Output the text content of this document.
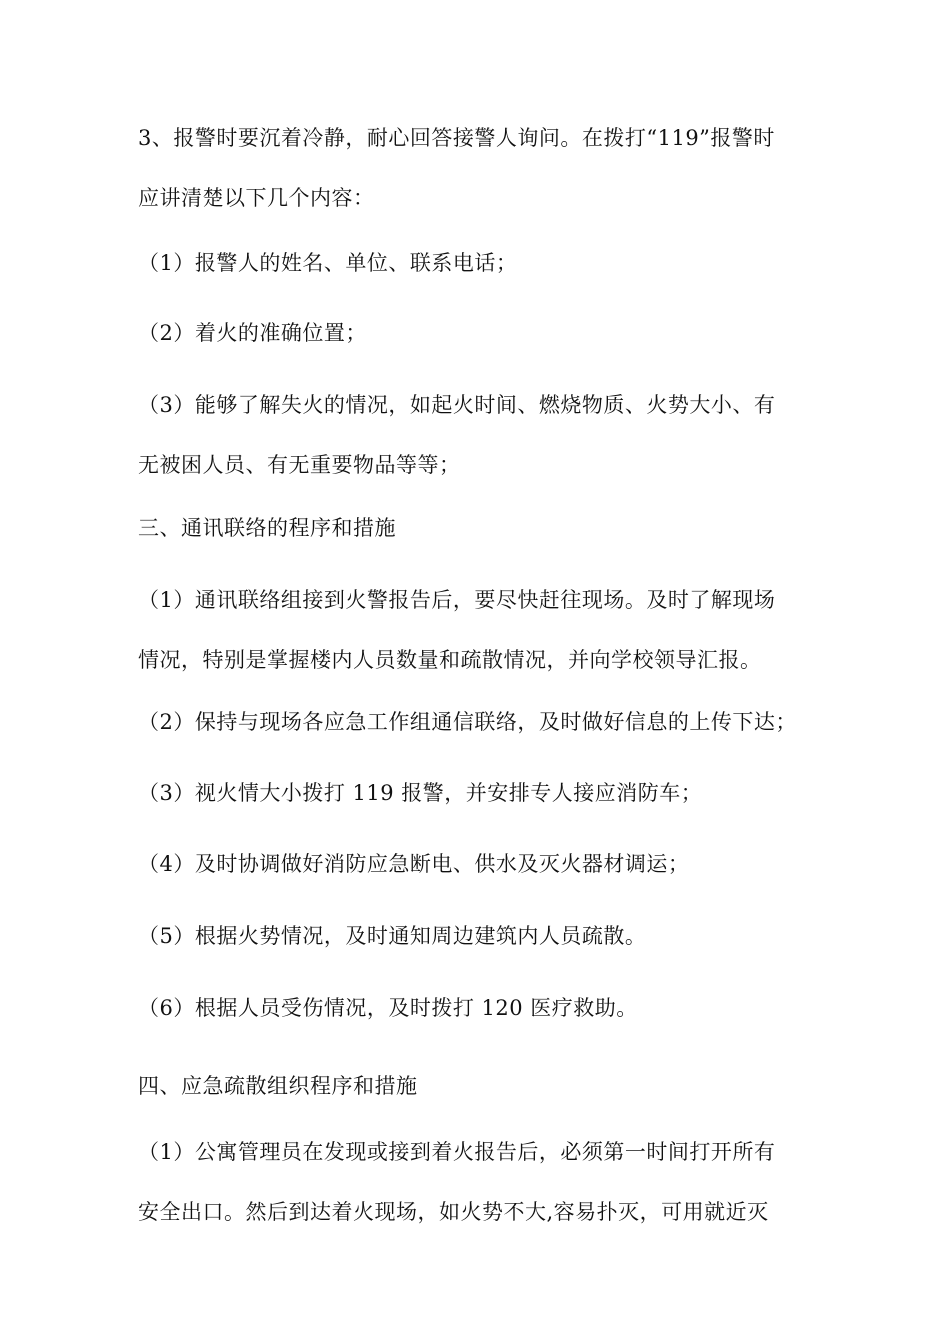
3、报警时要沉着冷静，耐心回答接警人询问。在拨打“119”报警时
应讲清楚以下几个内容：

（1）报警人的姓名、单位、联系电话；

（2）着火的准确位置；

（3）能够了解失火的情况，如起火时间、燃烧物质、火势大小、有
无被困人员、有无重要物品等等；

三、通讯联络的程序和措施

（1）通讯联络组接到火警报告后，要尽快赶往现场。及时了解现场
情况，特别是掌握楼内人员数量和疏散情况，并向学校领导汇报。

（2）保持与现场各应急工作组通信联络，及时做好信息的上传下达；

（3）视火情大小拨打 119 报警，并安排专人接应消防车；

（4）及时协调做好消防应急断电、供水及灭火器材调运；

（5）根据火势情况，及时通知周边建筑内人员疏散。

（6）根据人员受伤情况，及时拨打 120 医疗救助。

四、应急疏散组织程序和措施

（1）公寓管理员在发现或接到着火报告后，必须第一时间打开所有
安全出口。然后到达着火现场，如火势不大,容易扑灭，可用就近灭
